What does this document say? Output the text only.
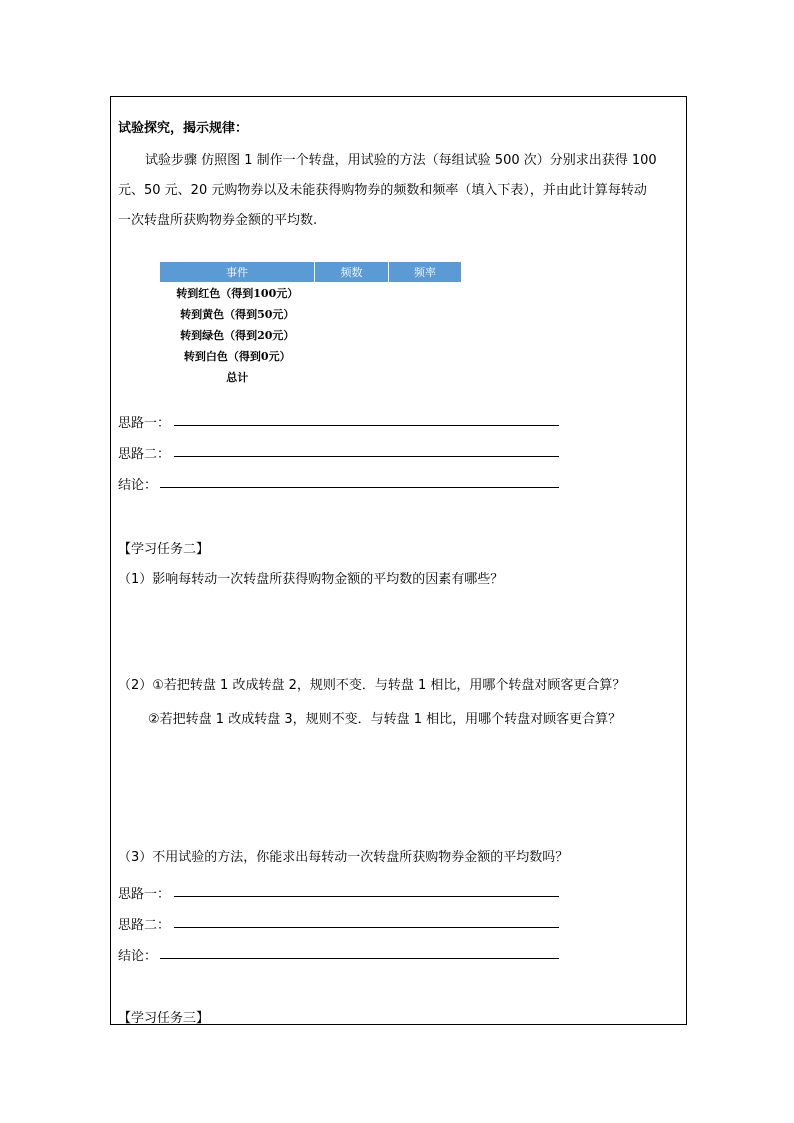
试验探究，揭示规律：
试验步骤 仿照图 1 制作一个转盘，用试验的方法（每组试验 500 次）分别求出获得 100
元、50 元、20 元购物券以及未能获得购物券的频数和频率（填入下表），并由此计算每转动
一次转盘所获购物券金额的平均数.
事件	频数	频率
转到红色（得到100元）		
转到黄色（得到50元）		
转到绿色（得到20元）		
转到白色（得到0元）		
总计		
思路一：
思路二：
结论：
【学习任务二】
（1）影响每转动一次转盘所获得购物金额的平均数的因素有哪些？
（2）①若把转盘 1 改成转盘 2，规则不变．与转盘 1 相比，用哪个转盘对顾客更合算？
②若把转盘 1 改成转盘 3，规则不变．与转盘 1 相比，用哪个转盘对顾客更合算？
（3）不用试验的方法，你能求出每转动一次转盘所获购物券金额的平均数吗？
思路一：
思路二：
结论：
【学习任务三】
